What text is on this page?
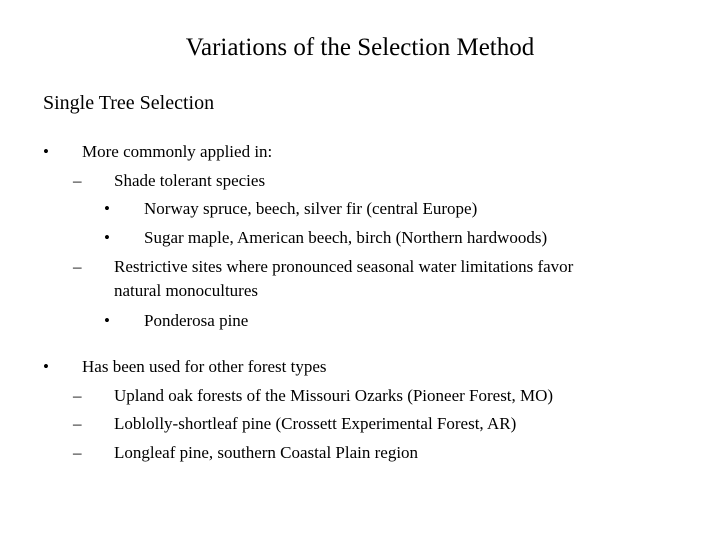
Variations of the Selection Method
Single Tree Selection
• More commonly applied in:
– Shade tolerant species
• Norway spruce, beech, silver fir (central Europe)
• Sugar maple, American beech, birch (Northern hardwoods)
– Restrictive sites where pronounced seasonal water limitations favor
natural monocultures
• Ponderosa pine
• Has been used for other forest types
– Upland oak forests of the Missouri Ozarks (Pioneer Forest, MO)
– Loblolly-shortleaf pine (Crossett Experimental Forest, AR)
– Longleaf pine, southern Coastal Plain region
